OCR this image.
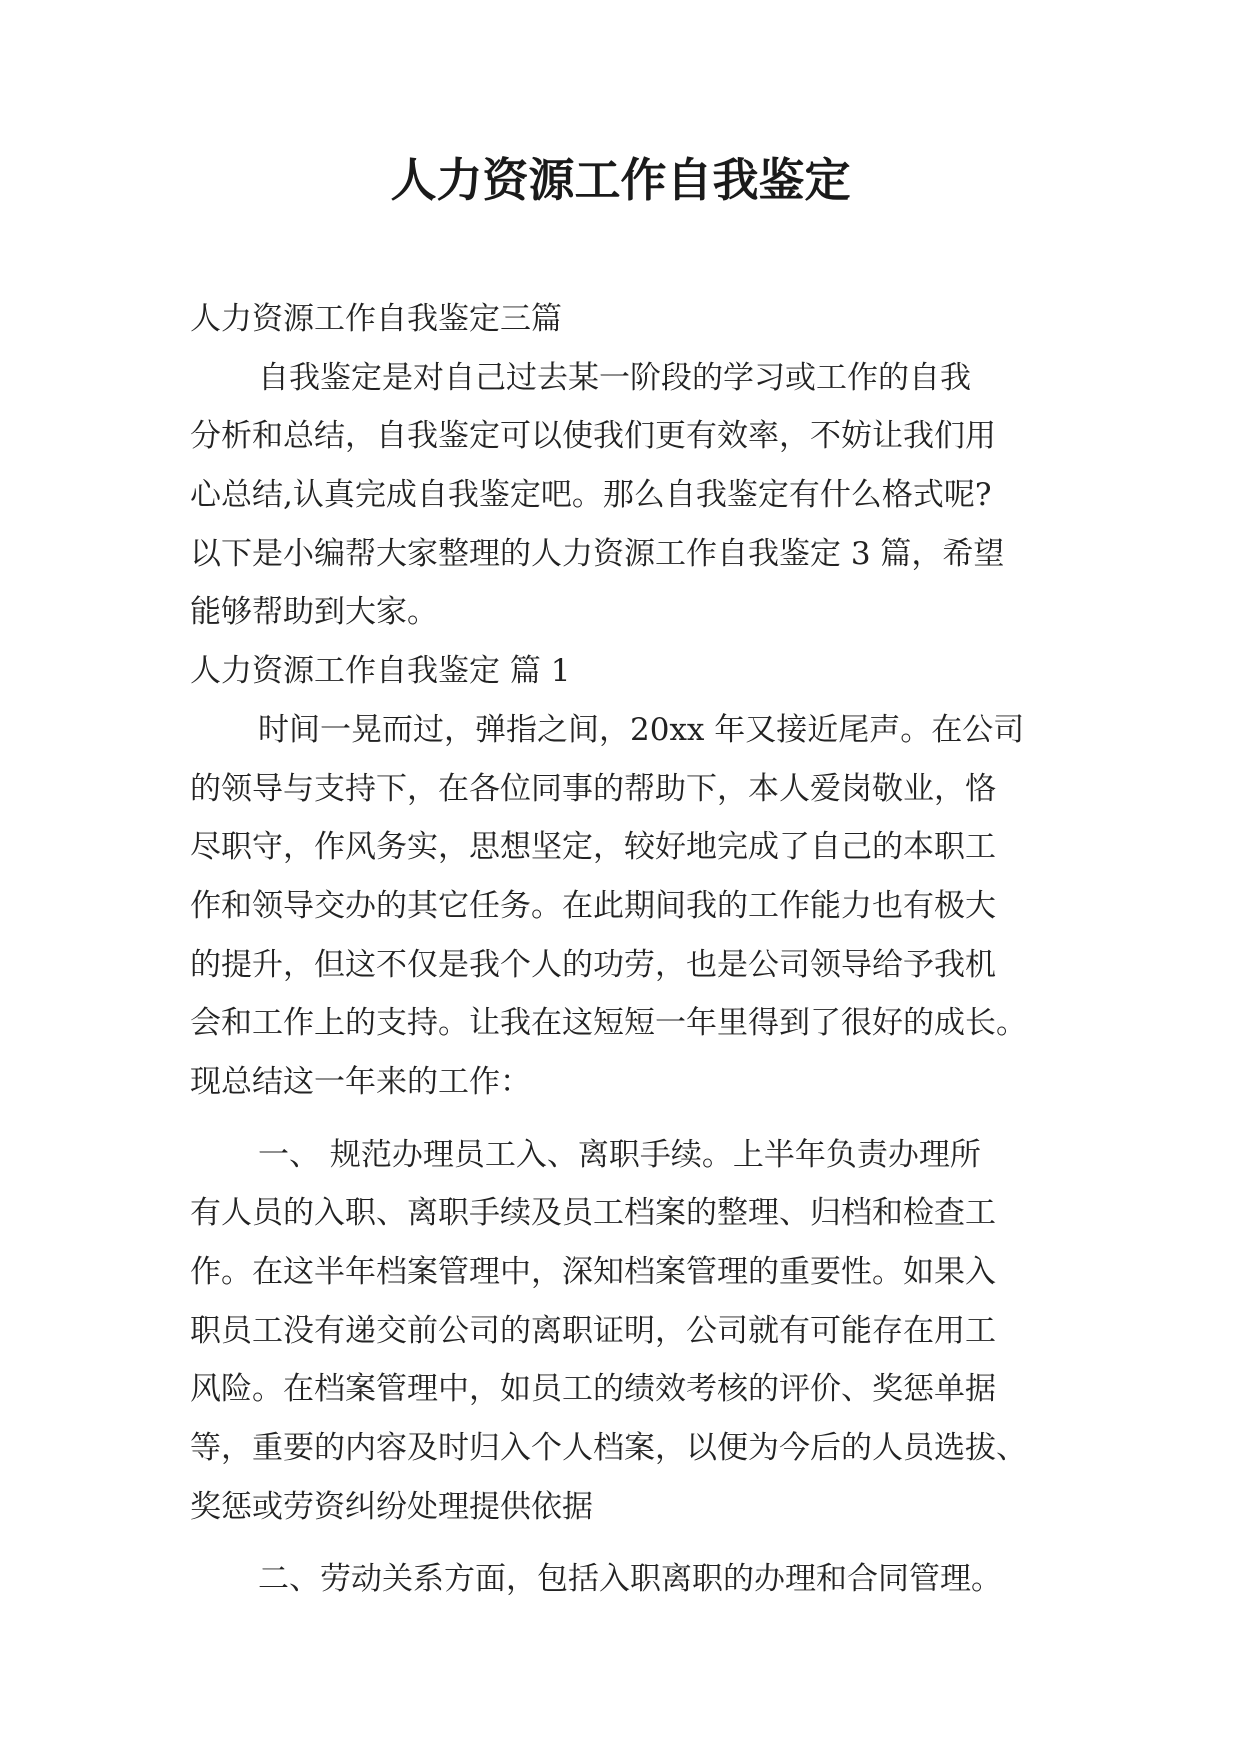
人力资源工作自我鉴定
人力资源工作自我鉴定三篇
自我鉴定是对自己过去某一阶段的学习或工作的自我
分析和总结，自我鉴定可以使我们更有效率，不妨让我们用
心总结,认真完成自我鉴定吧。那么自我鉴定有什么格式呢?
以下是小编帮大家整理的人力资源工作自我鉴定 3 篇，希望
能够帮助到大家。
人力资源工作自我鉴定 篇 1
时间一晃而过，弹指之间，20xx 年又接近尾声。在公司
的领导与支持下，在各位同事的帮助下，本人爱岗敬业，恪
尽职守，作风务实，思想坚定，较好地完成了自己的本职工
作和领导交办的其它任务。在此期间我的工作能力也有极大
的提升，但这不仅是我个人的功劳，也是公司领导给予我机
会和工作上的支持。让我在这短短一年里得到了很好的成长。
现总结这一年来的工作：
一、 规范办理员工入、离职手续。上半年负责办理所
有人员的入职、离职手续及员工档案的整理、归档和检查工
作。在这半年档案管理中，深知档案管理的重要性。如果入
职员工没有递交前公司的离职证明，公司就有可能存在用工
风险。在档案管理中，如员工的绩效考核的评价、奖惩单据
等，重要的内容及时归入个人档案，以便为今后的人员选拔、
奖惩或劳资纠纷处理提供依据
二、劳动关系方面，包括入职离职的办理和合同管理。
